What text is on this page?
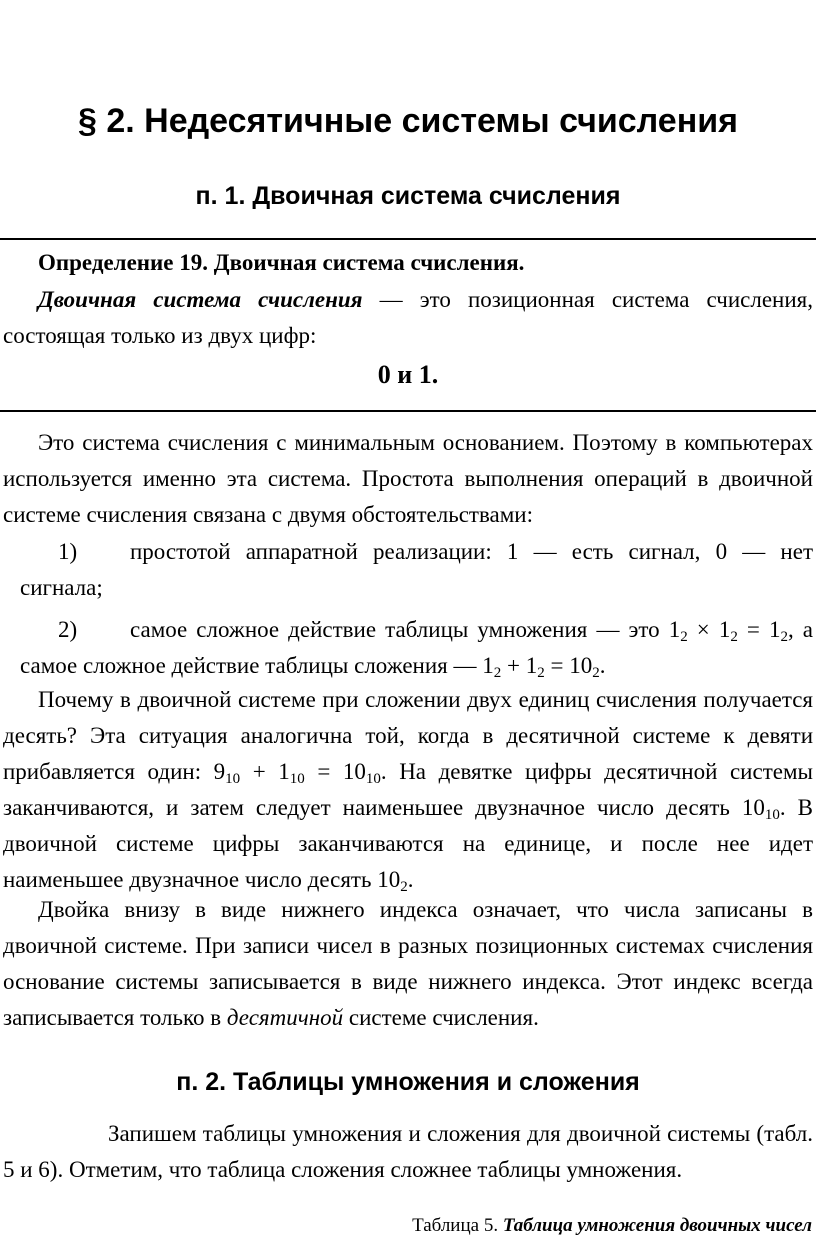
§ 2. Недесятичные системы счисления
п. 1. Двоичная система счисления

Определение 19. Двоичная система счисления.

Двоичная система счисления — это позиционная система счисления, состоящая только из двух цифр:

0 и 1.

Это система счисления с минимальным основанием. Поэтому в компьютерах используется именно эта система. Простота выполнения операций в двоичной системе счисления связана с двумя обстоятельствами:

1) простотой аппаратной реализации: 1 — есть сигнал, 0 — нет сигнала;

2) самое сложное действие таблицы умножения — это $1_2 \times 1_2 = 1_2$, а самое сложное действие таблицы сложения — $1_2 + 1_2 = 10_2$.

Почему в двоичной системе при сложении двух единиц счисления получается десять? Эта ситуация аналогична той, когда в десятичной системе к девяти прибавляется один: $9_{10} + 1_{10} = 10_{10}$. На девятке цифры десятичной системы заканчиваются, и затем следует наименьшее двузначное число десять $10_{10}$. В двоичной системе цифры заканчиваются на единице, и после нее идет наименьшее двузначное число десять $10_2$.

Двойка внизу в виде нижнего индекса означает, что числа записаны в двоичной системе. При записи чисел в разных позиционных системах счисления основание системы записывается в виде нижнего индекса. Этот индекс всегда записывается только в десятичной системе счисления.

п. 2. Таблицы умножения и сложения

Запишем таблицы умножения и сложения для двоичной системы (табл. 5 и 6). Отметим, что таблица сложения сложнее таблицы умножения.

Таблица 5. Таблица умножения двоичных чисел
